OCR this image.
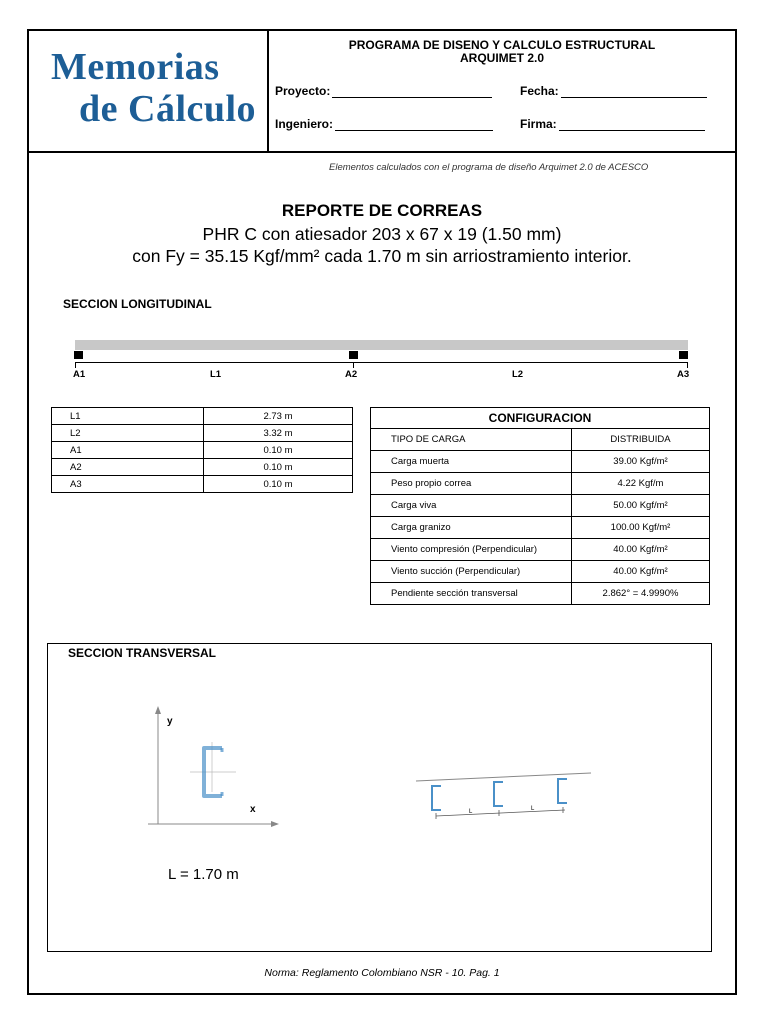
Memorias
de Cálculo
PROGRAMA DE DISENO Y CALCULO ESTRUCTURAL
ARQUIMET 2.0
Proyecto:	Fecha:
Ingeniero:	Firma:
Elementos calculados con el programa de diseño Arquimet 2.0 de ACESCO
REPORTE DE CORREAS
PHR C con atiesador 203 x 67 x 19 (1.50 mm)
con Fy = 35.15 Kgf/mm² cada 1.70 m sin arriostramiento interior.
SECCION LONGITUDINAL
A1	L1	A2	L2	A3
L1	2.73 m
L2	3.32 m
A1	0.10 m
A2	0.10 m
A3	0.10 m
CONFIGURACION	
TIPO DE CARGA	DISTRIBUIDA
Carga muerta	39.00 Kgf/m²
Peso propio correa	4.22 Kgf/m
Carga viva	50.00 Kgf/m²
Carga granizo	100.00 Kgf/m²
Viento compresión (Perpendicular)	40.00 Kgf/m²
Viento succión (Perpendicular)	40.00 Kgf/m²
Pendiente sección transversal	2.862° = 4.9990%
SECCION TRANSVERSAL
y
x	L	L
L = 1.70 m
Norma: Reglamento Colombiano NSR - 10. Pag. 1
